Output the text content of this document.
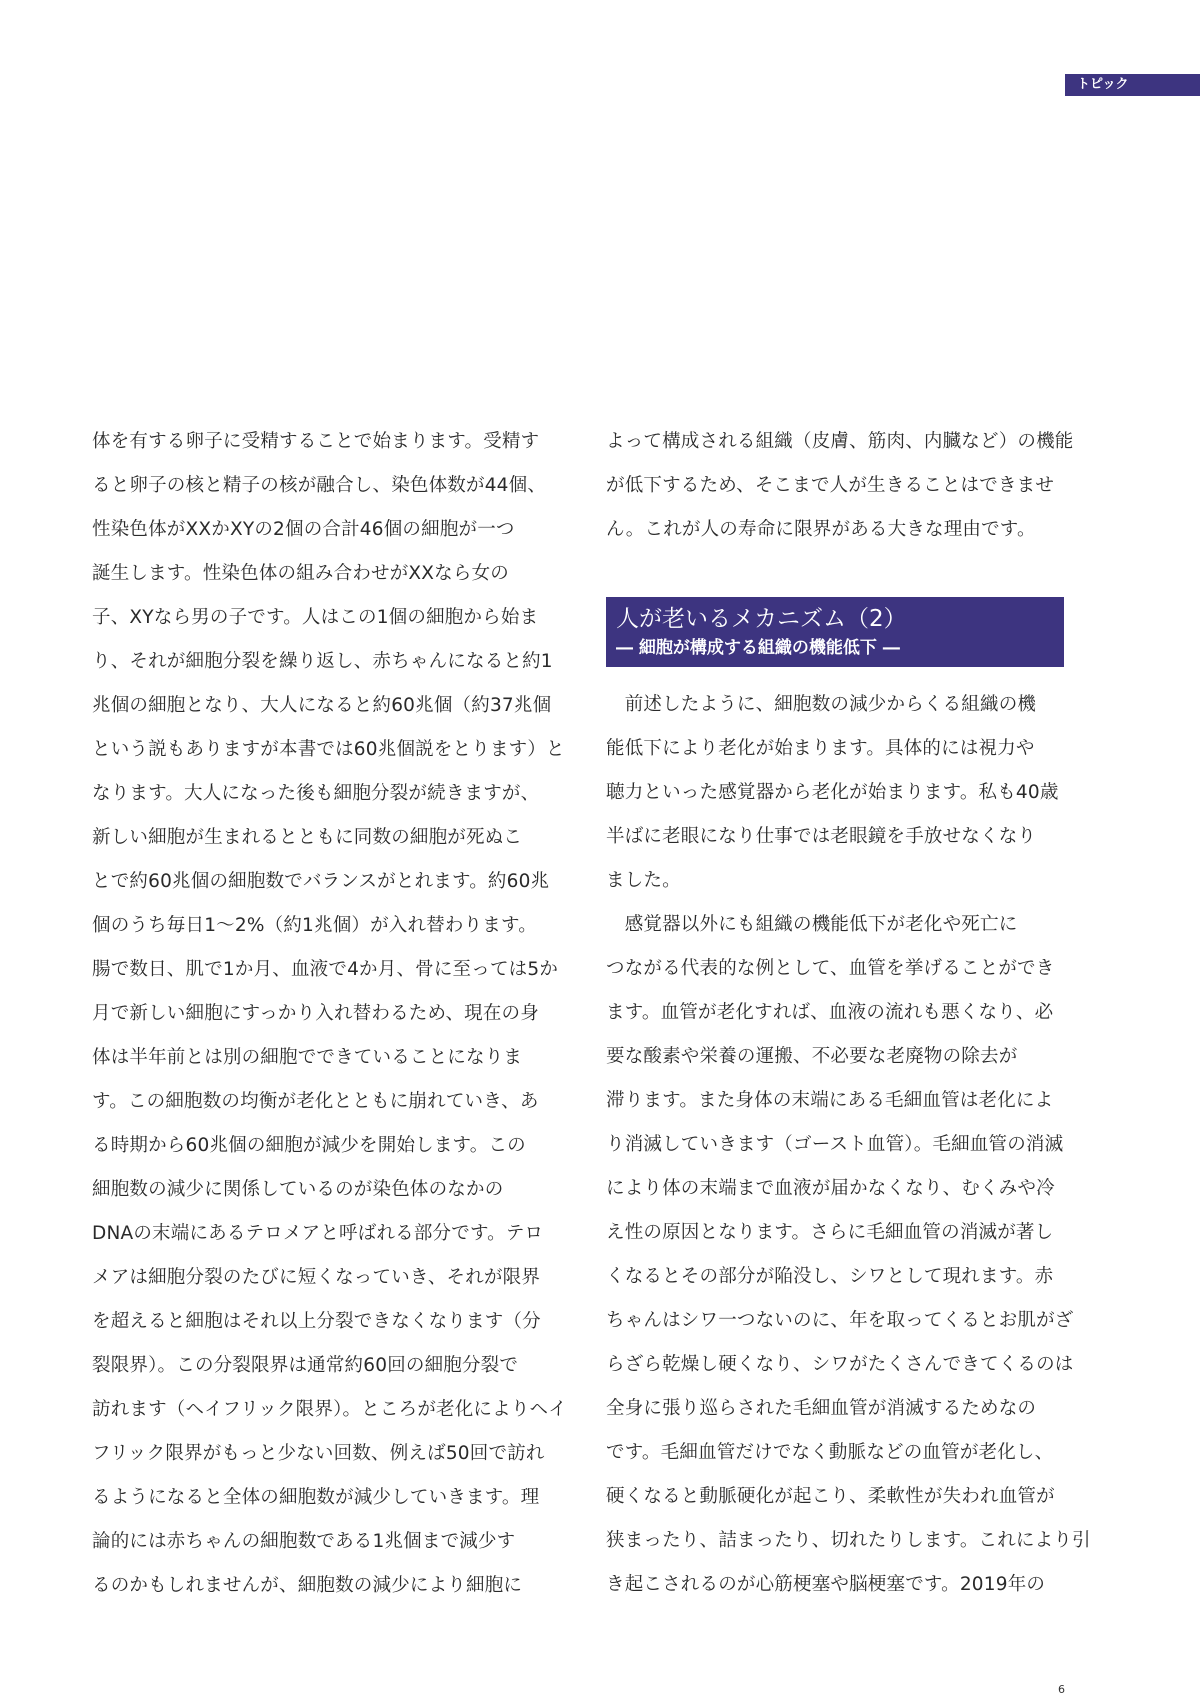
トピック
体を有する卵子に受精することで始まります。受精す
ると卵子の核と精子の核が融合し、染色体数が44個、
性染色体がXXかXYの2個の合計46個の細胞が一つ
誕生します。性染色体の組み合わせがXXなら女の
子、XYなら男の子です。人はこの1個の細胞から始ま
り、それが細胞分裂を繰り返し、赤ちゃんになると約1
兆個の細胞となり、大人になると約60兆個（約37兆個
という説もありますが本書では60兆個説をとります）と
なります。大人になった後も細胞分裂が続きますが、
新しい細胞が生まれるとともに同数の細胞が死ぬこ
とで約60兆個の細胞数でバランスがとれます。約60兆
個のうち毎日1～2%（約1兆個）が入れ替わります。
腸で数日、肌で1か月、血液で4か月、骨に至っては5か
月で新しい細胞にすっかり入れ替わるため、現在の身
体は半年前とは別の細胞でできていることになりま
す。この細胞数の均衡が老化とともに崩れていき、あ
る時期から60兆個の細胞が減少を開始します。この
細胞数の減少に関係しているのが染色体のなかの
DNAの末端にあるテロメアと呼ばれる部分です。テロ
メアは細胞分裂のたびに短くなっていき、それが限界
を超えると細胞はそれ以上分裂できなくなります（分
裂限界）。この分裂限界は通常約60回の細胞分裂で
訪れます（ヘイフリック限界）。ところが老化によりヘイ
フリック限界がもっと少ない回数、例えば50回で訪れ
るようになると全体の細胞数が減少していきます。理
論的には赤ちゃんの細胞数である1兆個まで減少す
るのかもしれませんが、細胞数の減少により細胞に
よって構成される組織（皮膚、筋肉、内臓など）の機能
が低下するため、そこまで人が生きることはできませ
ん。これが人の寿命に限界がある大きな理由です。
人が老いるメカニズム（2）
― 細胞が構成する組織の機能低下 ―
　前述したように、細胞数の減少からくる組織の機
能低下により老化が始まります。具体的には視力や
聴力といった感覚器から老化が始まります。私も40歳
半ばに老眼になり仕事では老眼鏡を手放せなくなり
ました。
　感覚器以外にも組織の機能低下が老化や死亡に
つながる代表的な例として、血管を挙げることができ
ます。血管が老化すれば、血液の流れも悪くなり、必
要な酸素や栄養の運搬、不必要な老廃物の除去が
滞ります。また身体の末端にある毛細血管は老化によ
り消滅していきます（ゴースト血管）。毛細血管の消滅
により体の末端まで血液が届かなくなり、むくみや冷
え性の原因となります。さらに毛細血管の消滅が著し
くなるとその部分が陥没し、シワとして現れます。赤
ちゃんはシワ一つないのに、年を取ってくるとお肌がざ
らざら乾燥し硬くなり、シワがたくさんできてくるのは
全身に張り巡らされた毛細血管が消滅するためなの
です。毛細血管だけでなく動脈などの血管が老化し、
硬くなると動脈硬化が起こり、柔軟性が失われ血管が
狭まったり、詰まったり、切れたりします。これにより引
き起こされるのが心筋梗塞や脳梗塞です。2019年の
6
